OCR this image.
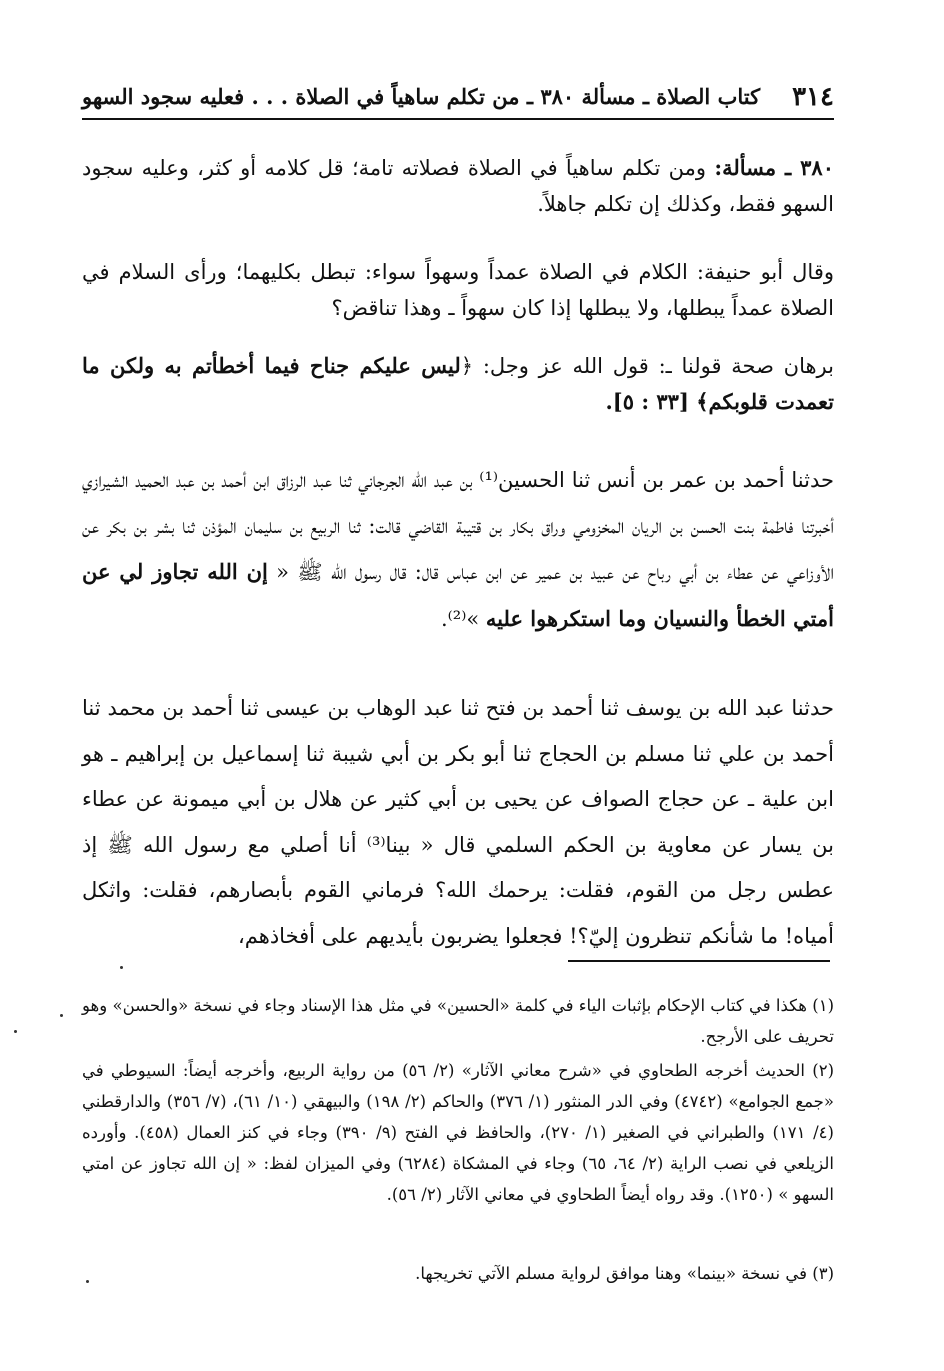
٣١٤
كتاب الصلاة ـ مسألة ٣٨٠ ـ من تكلم ساهياً في الصلاة . . . فعليه سجود السهو
٣٨٠ ـ مسألة: ومن تكلم ساهياً في الصلاة فصلاته تامة؛ قل كلامه أو كثر، وعليه سجود السهو فقط، وكذلك إن تكلم جاهلاً.
وقال أبو حنيفة: الكلام في الصلاة عمداً وسهواً سواء: تبطل بكليهما؛ ورأى السلام في الصلاة عمداً يبطلها، ولا يبطلها إذا كان سهواً ـ وهذا تناقض؟
برهان صحة قولنا ـ: قول الله عز وجل: ﴿ليس عليكم جناح فيما أخطأتم به ولكن ما تعمدت قلوبكم﴾ [٣٣ : ٥].
حدثنا أحمد بن عمر بن أنس ثنا الحسين⁽¹⁾ بن عبد الله الجرجاني ثنا عبد الرزاق ابن أحمد بن عبد الحميد الشيرازي أخبرتنا فاطمة بنت الحسن بن الريان المخزومي وراق بكار بن قتيبة القاضي قالت: ثنا الربيع بن سليمان المؤذن ثنا بشر بن بكر عن الأوزاعي عن عطاء بن أبي رباح عن عبيد بن عمير عن ابن عباس قال: قال رسول الله ﷺ « إن الله تجاوز لي عن أمتي الخطأ والنسيان وما استكرهوا عليه »⁽²⁾.
حدثنا عبد الله بن يوسف ثنا أحمد بن فتح ثنا عبد الوهاب بن عيسى ثنا أحمد بن محمد ثنا أحمد بن علي ثنا مسلم بن الحجاج ثنا أبو بكر بن أبي شيبة ثنا إسماعيل بن إبراهيم ـ هو ابن علية ـ عن حجاج الصواف عن يحيى بن أبي كثير عن هلال بن أبي ميمونة عن عطاء بن يسار عن معاوية بن الحكم السلمي قال « بينا⁽³⁾ أنا أصلي مع رسول الله ﷺ إذ عطس رجل من القوم، فقلت: يرحمك الله؟ فرماني القوم بأبصارهم، فقلت: واثكل أمياه! ما شأنكم تنظرون إليّ؟! فجعلوا يضربون بأيديهم على أفخاذهم،
(١) هكذا في كتاب الإحكام بإثبات الياء في كلمة «الحسين» في مثل هذا الإسناد وجاء في نسخة «والحسن» وهو تحريف على الأرجح.
(٢) الحديث أخرجه الطحاوي في «شرح معاني الآثار» (٢/ ٥٦) من رواية الربيع، وأخرجه أيضاً: السيوطي في «جمع الجوامع» (٤٧٤٢) وفي الدر المنثور (١/ ٣٧٦) والحاكم (٢/ ١٩٨) والبيهقي (١٠/ ٦١)، (٧/ ٣٥٦) والدارقطني (٤/ ١٧١) والطبراني في الصغير (١/ ٢٧٠)، والحافظ في الفتح (٩/ ٣٩٠) وجاء في كنز العمال (٤٥٨). وأورده الزيلعي في نصب الراية (٢/ ٦٤، ٦٥) وجاء في المشكاة (٦٢٨٤) وفي الميزان لفظ: « إن الله تجاوز عن امتي السهو » (١٢٥٠). وقد رواه أيضاً الطحاوي في معاني الآثار (٢/ ٥٦).
(٣) في نسخة «بينما» وهنا موافق لرواية مسلم الآتي تخريجها.
